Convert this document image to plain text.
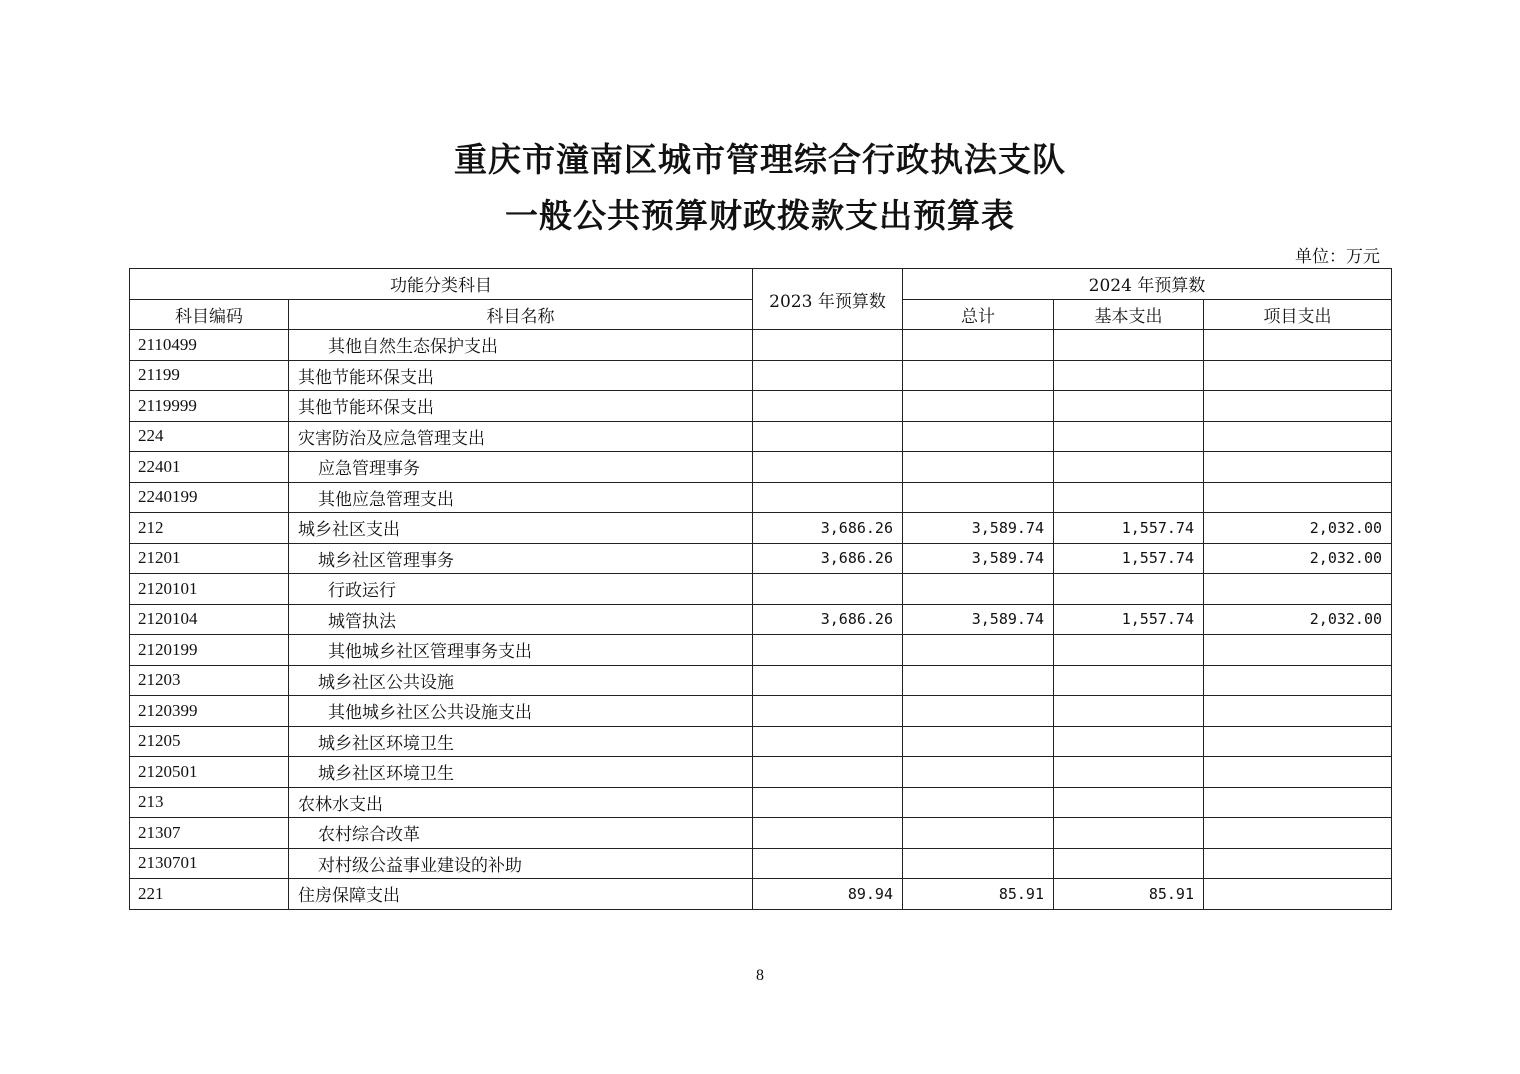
重庆市潼南区城市管理综合行政执法支队
一般公共预算财政拨款支出预算表
单位：万元
功能分类科目		2023 年预算数	2024 年预算数		
科目编码	科目名称		总计	基本支出	项目支出
2110499	其他自然生态保护支出				
21199	其他节能环保支出				
2119999	其他节能环保支出				
224	灾害防治及应急管理支出				
22401	应急管理事务				
2240199	其他应急管理支出				
212	城乡社区支出	3,686.26	3,589.74	1,557.74	2,032.00
21201	城乡社区管理事务	3,686.26	3,589.74	1,557.74	2,032.00
2120101	行政运行				
2120104	城管执法	3,686.26	3,589.74	1,557.74	2,032.00
2120199	其他城乡社区管理事务支出				
21203	城乡社区公共设施				
2120399	其他城乡社区公共设施支出				
21205	城乡社区环境卫生				
2120501	城乡社区环境卫生				
213	农林水支出				
21307	农村综合改革				
2130701	对村级公益事业建设的补助				
221	住房保障支出	89.94	85.91	85.91	
8
